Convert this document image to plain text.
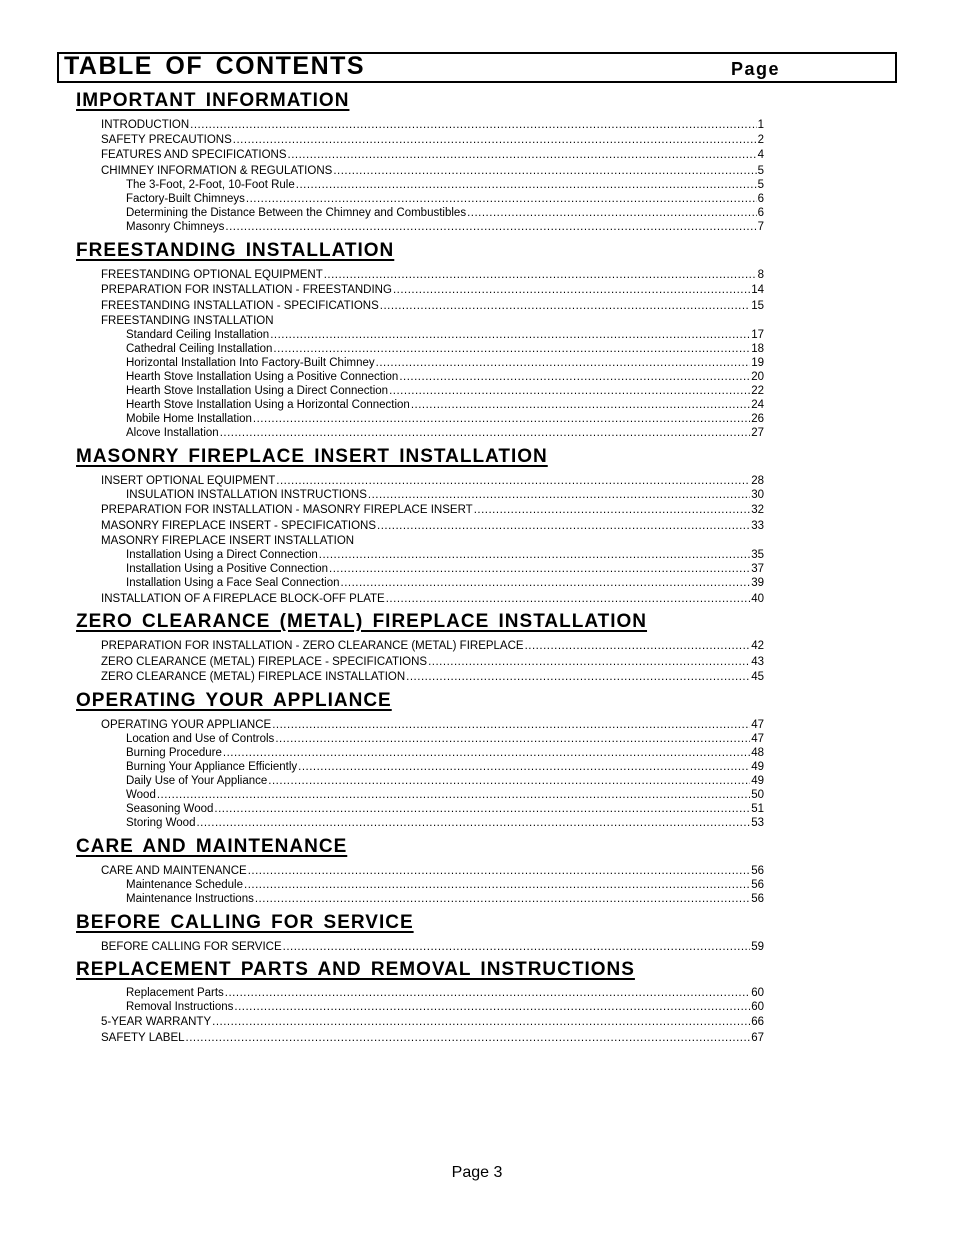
TABLE OF CONTENTS	Page
IMPORTANT INFORMATION
INTRODUCTION .....	1
SAFETY PRECAUTIONS .....	2
FEATURES AND SPECIFICATIONS .....	4
CHIMNEY INFORMATION & REGULATIONS .....	5
The 3-Foot, 2-Foot, 10-Foot Rule .....	5
Factory-Built Chimneys .....	6
Determining the Distance Between the Chimney and Combustibles .....	6
Masonry Chimneys .....	7
FREESTANDING INSTALLATION
FREESTANDING OPTIONAL EQUIPMENT .....	8
PREPARATION FOR INSTALLATION - FREESTANDING .....	14
FREESTANDING INSTALLATION - SPECIFICATIONS .....	15
FREESTANDING INSTALLATION
Standard Ceiling Installation .....	17
Cathedral Ceiling Installation .....	18
Horizontal Installation Into Factory-Built Chimney .....	19
Hearth Stove Installation Using a Positive Connection .....	20
Hearth Stove Installation Using a Direct Connection .....	22
Hearth Stove Installation Using a Horizontal Connection .....	24
Mobile Home Installation .....	26
Alcove Installation .....	27
MASONRY FIREPLACE INSERT INSTALLATION
INSERT OPTIONAL EQUIPMENT .....	28
INSULATION INSTALLATION INSTRUCTIONS .....	30
PREPARATION FOR INSTALLATION - MASONRY FIREPLACE INSERT .....	32
MASONRY FIREPLACE INSERT - SPECIFICATIONS .....	33
MASONRY FIREPLACE INSERT INSTALLATION
Installation Using a Direct Connection .....	35
Installation Using a Positive Connection .....	37
Installation Using a Face Seal Connection .....	39
INSTALLATION OF A FIREPLACE BLOCK-OFF PLATE .....	40
ZERO CLEARANCE (METAL) FIREPLACE INSTALLATION
PREPARATION FOR INSTALLATION - ZERO CLEARANCE (METAL) FIREPLACE .....	42
ZERO CLEARANCE (METAL) FIREPLACE - SPECIFICATIONS .....	43
ZERO CLEARANCE (METAL) FIREPLACE INSTALLATION .....	45
OPERATING YOUR APPLIANCE
OPERATING YOUR APPLIANCE .....	47
Location and Use of Controls .....	47
Burning Procedure .....	48
Burning Your Appliance Efficiently .....	49
Daily Use of Your Appliance .....	49
Wood .....	50
Seasoning Wood .....	51
Storing Wood .....	53
CARE AND MAINTENANCE
CARE AND MAINTENANCE .....	56
Maintenance Schedule .....	56
Maintenance Instructions .....	56
BEFORE CALLING FOR SERVICE
BEFORE CALLING FOR SERVICE .....	59
REPLACEMENT PARTS AND REMOVAL INSTRUCTIONS
Replacement Parts .....	60
Removal Instructions .....	60
5-YEAR WARRANTY .....	66
SAFETY LABEL .....	67
Page 3
